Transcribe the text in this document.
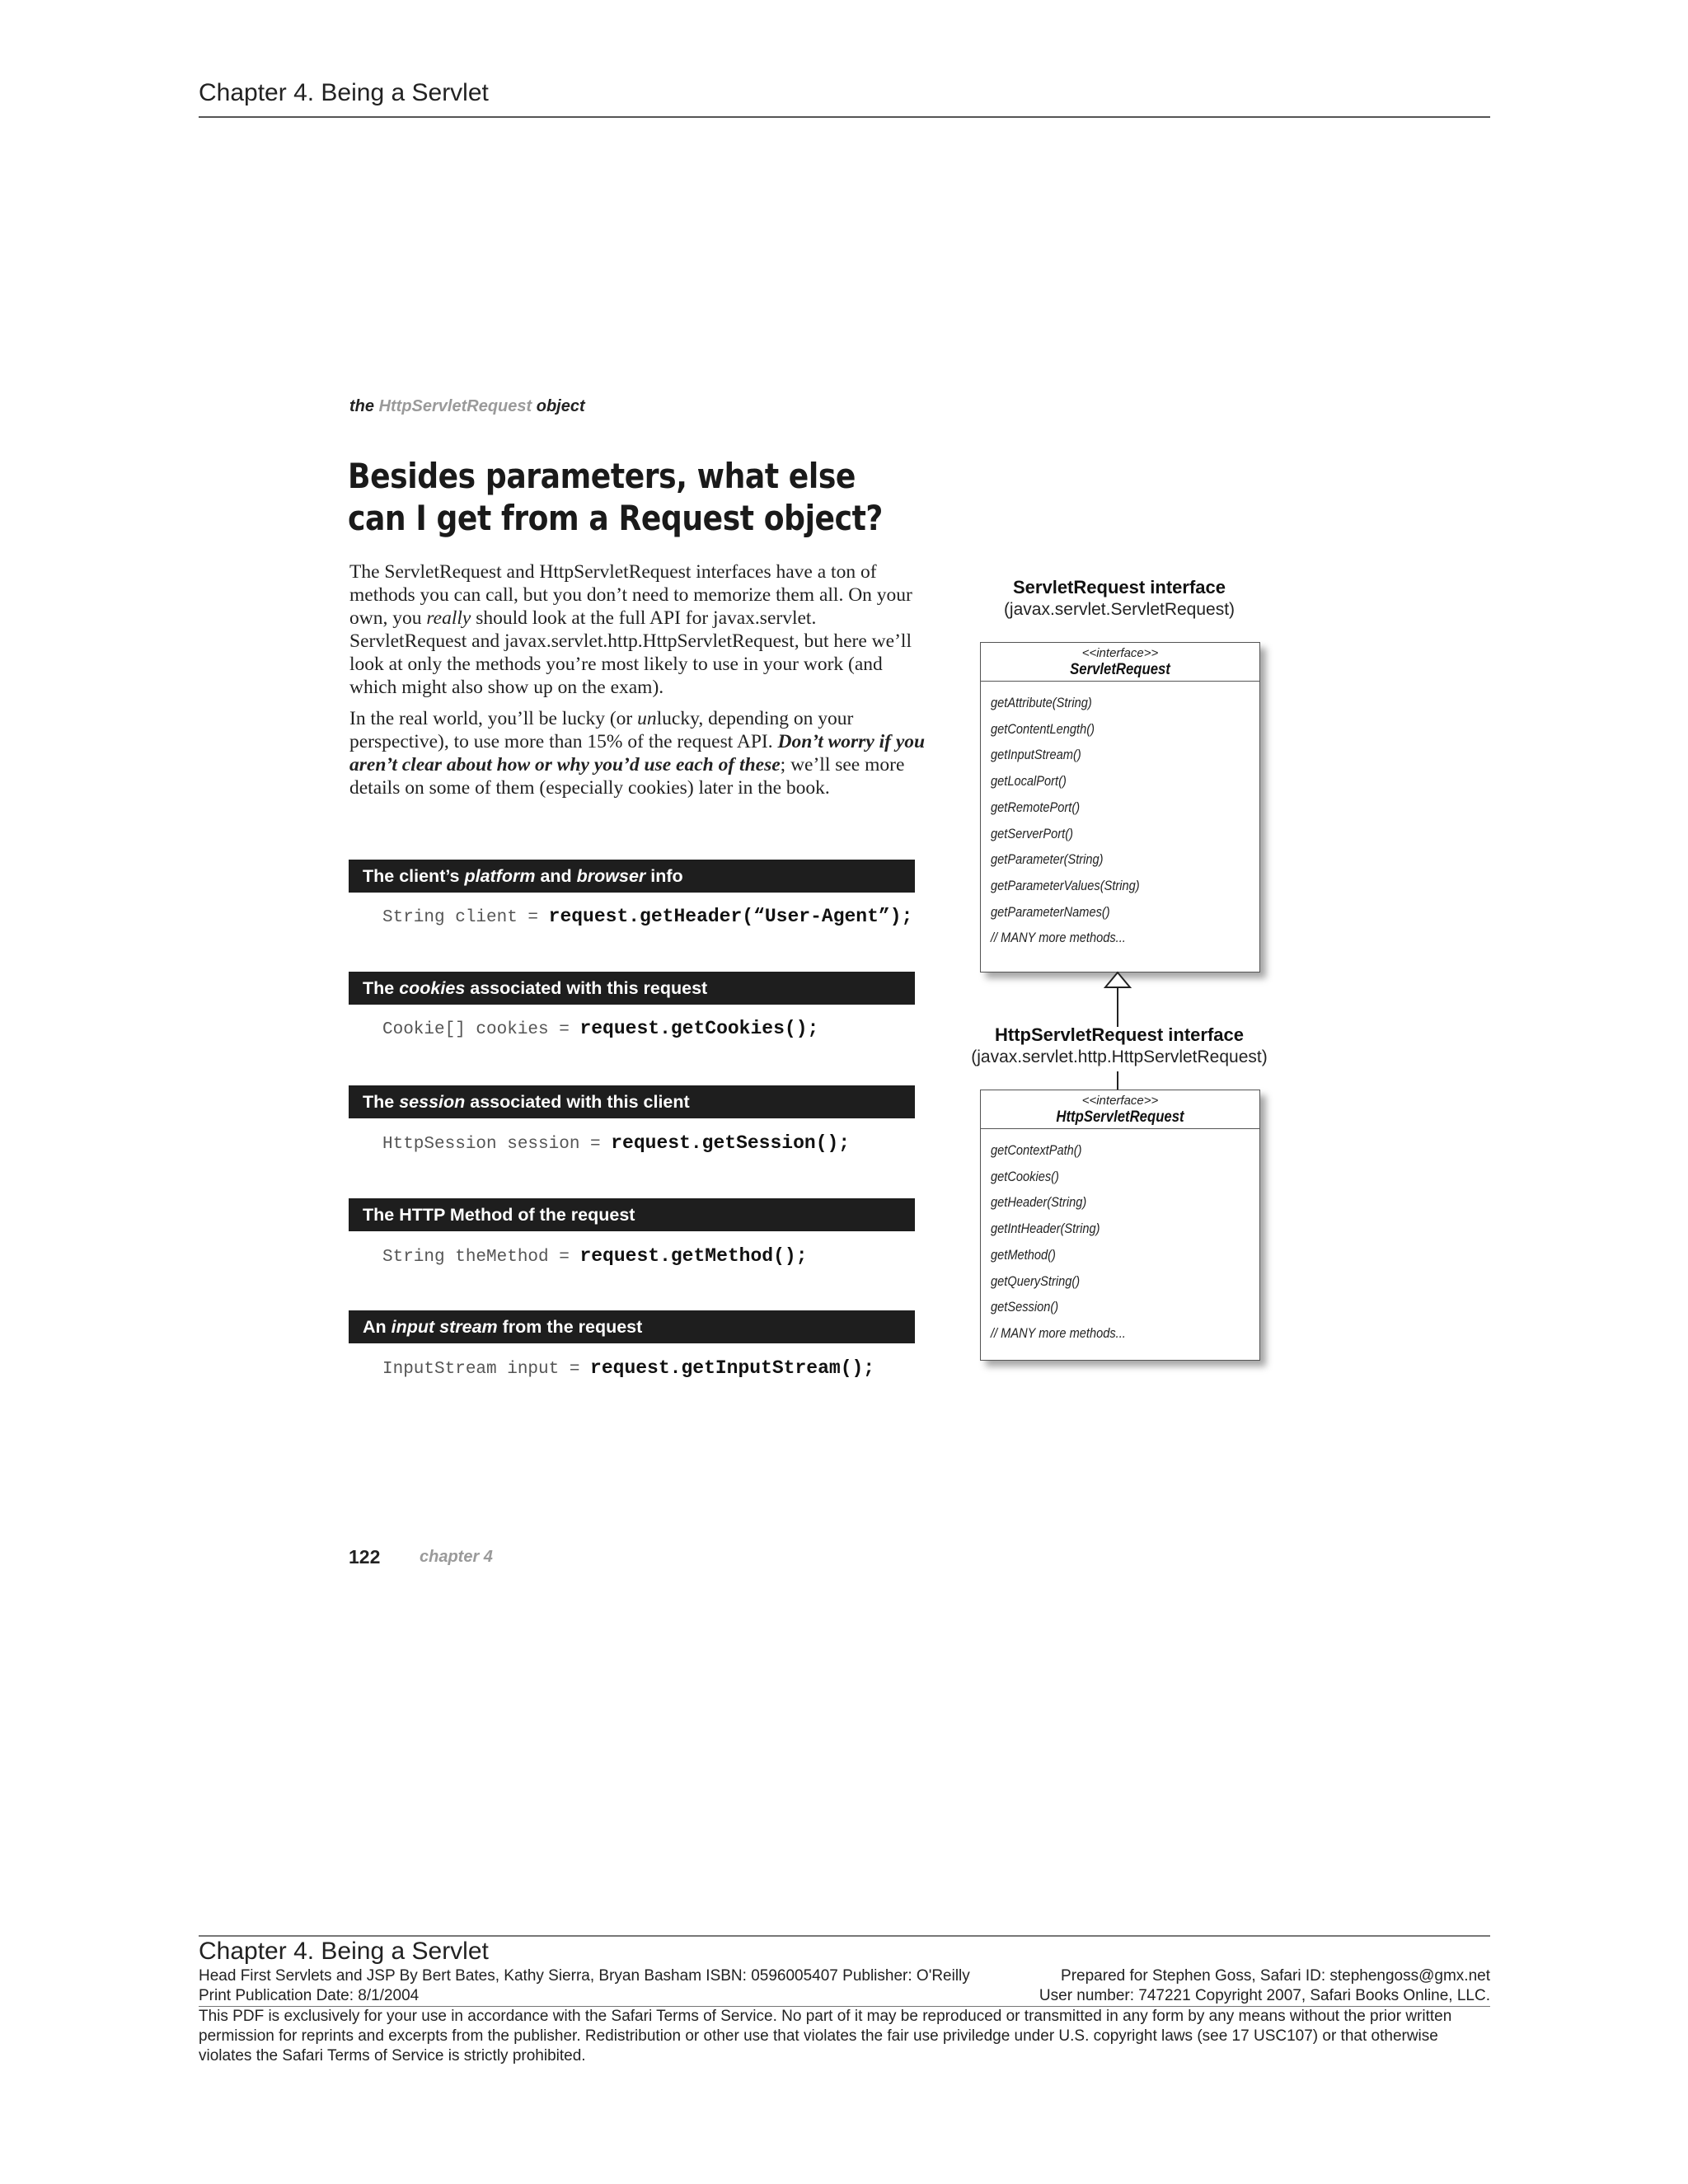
Chapter 4. Being a Servlet
the HttpServletRequest object
Besides parameters, what else
can I get from a Request object?
The ServletRequest and HttpServletRequest interfaces have a ton of methods you can call, but you don’t need to memorize them all. On your own, you really should look at the full API for javax.servlet. ServletRequest and javax.servlet.http.HttpServletRequest, but here we’ll look at only the methods you’re most likely to use in your work (and which might also show up on the exam).
In the real world, you’ll be lucky (or unlucky, depending on your perspective), to use more than 15% of the request API. Don’t worry if you aren’t clear about how or why you’d use each of these; we’ll see more details on some of them (especially cookies) later in the book.
The client’s platform and browser info
String client = request.getHeader(“User-Agent”);
The cookies associated with this request
Cookie[] cookies = request.getCookies();
The session associated with this client
HttpSession session = request.getSession();
The HTTP Method of the request
String theMethod = request.getMethod();
An input stream from the request
InputStream input = request.getInputStream();
ServletRequest interface
(javax.servlet.ServletRequest)
<<interface>>
ServletRequest
getAttribute(String)
getContentLength()
getInputStream()
getLocalPort()
getRemotePort()
getServerPort()
getParameter(String)
getParameterValues(String)
getParameterNames()
// MANY more methods...
HttpServletRequest interface
(javax.servlet.http.HttpServletRequest)
<<interface>>
HttpServletRequest
getContextPath()
getCookies()
getHeader(String)
getIntHeader(String)
getMethod()
getQueryString()
getSession()
// MANY more methods...
122 chapter 4
Chapter 4. Being a Servlet
Head First Servlets and JSP By Bert Bates, Kathy Sierra, Bryan Basham ISBN: 0596005407 Publisher: O'Reilly	Prepared for Stephen Goss, Safari ID: stephengoss@gmx.net
Print Publication Date: 8/1/2004	User number: 747221 Copyright 2007, Safari Books Online, LLC.
This PDF is exclusively for your use in accordance with the Safari Terms of Service. No part of it may be reproduced or transmitted in any form by any means without the prior written permission for reprints and excerpts from the publisher. Redistribution or other use that violates the fair use priviledge under U.S. copyright laws (see 17 USC107) or that otherwise violates the Safari Terms of Service is strictly prohibited.
